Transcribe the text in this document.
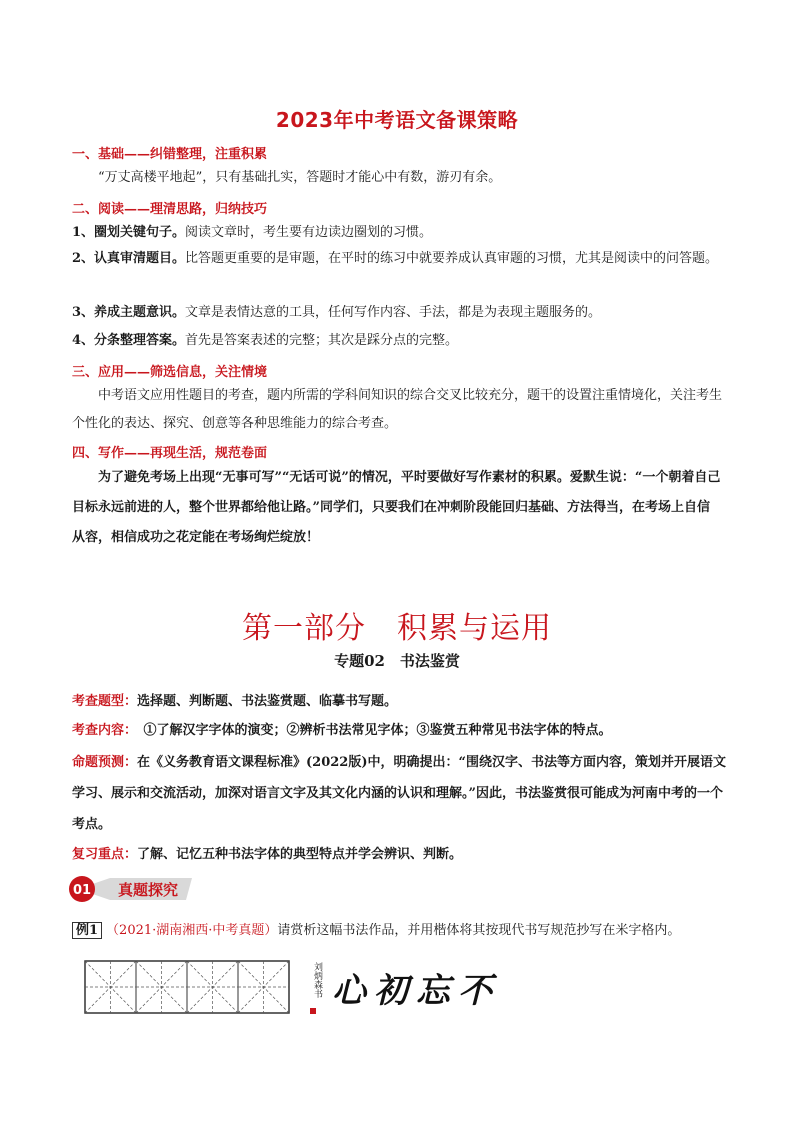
2023年中考语文备课策略
一、基础——纠错整理，注重积累
“万丈高楼平地起”，只有基础扎实，答题时才能心中有数，游刃有余。
二、阅读——理清思路，归纳技巧
1、圈划关键句子。阅读文章时，考生要有边读边圈划的习惯。
2、认真审清题目。比答题更重要的是审题，在平时的练习中就要养成认真审题的习惯，尤其是阅读中的问答题。
3、养成主题意识。文章是表情达意的工具，任何写作内容、手法，都是为表现主题服务的。
4、分条整理答案。首先是答案表述的完整；其次是踩分点的完整。
三、应用——筛选信息，关注情境
中考语文应用性题目的考查，题内所需的学科间知识的综合交叉比较充分，题干的设置注重情境化，关注考生个性化的表达、探究、创意等各种思维能力的综合考查。
四、写作——再现生活，规范卷面
为了避免考场上出现“无事可写”“无话可说”的情况，平时要做好写作素材的积累。爱默生说：“一个朝着自己目标永远前进的人，整个世界都给他让路。”同学们，只要我们在冲刺阶段能回归基础、方法得当，在考场上自信从容，相信成功之花定能在考场绚烂绽放！
第一部分　积累与运用
专题02　书法鉴赏
考查题型：选择题、判断题、书法鉴赏题、临摹书写题。
考查内容：　①了解汉字字体的演变；②辨析书法常见字体；③鉴赏五种常见书法字体的特点。
命题预测：在《义务教育语文课程标准》(2022版)中，明确提出：“围绕汉字、书法等方面内容，策划并开展语文学习、展示和交流活动，加深对语言文字及其文化内涵的认识和理解。”因此，书法鉴赏很可能成为河南中考的一个考点。
复习重点：了解、记忆五种书法字体的典型特点并学会辨识、判断。
01 真题探究
例1 （2021·湖南湘西·中考真题）请赏析这幅书法作品，并用楷体将其按现代书写规范抄写在米字格内。
刘炳森书	不
忘
初
心
